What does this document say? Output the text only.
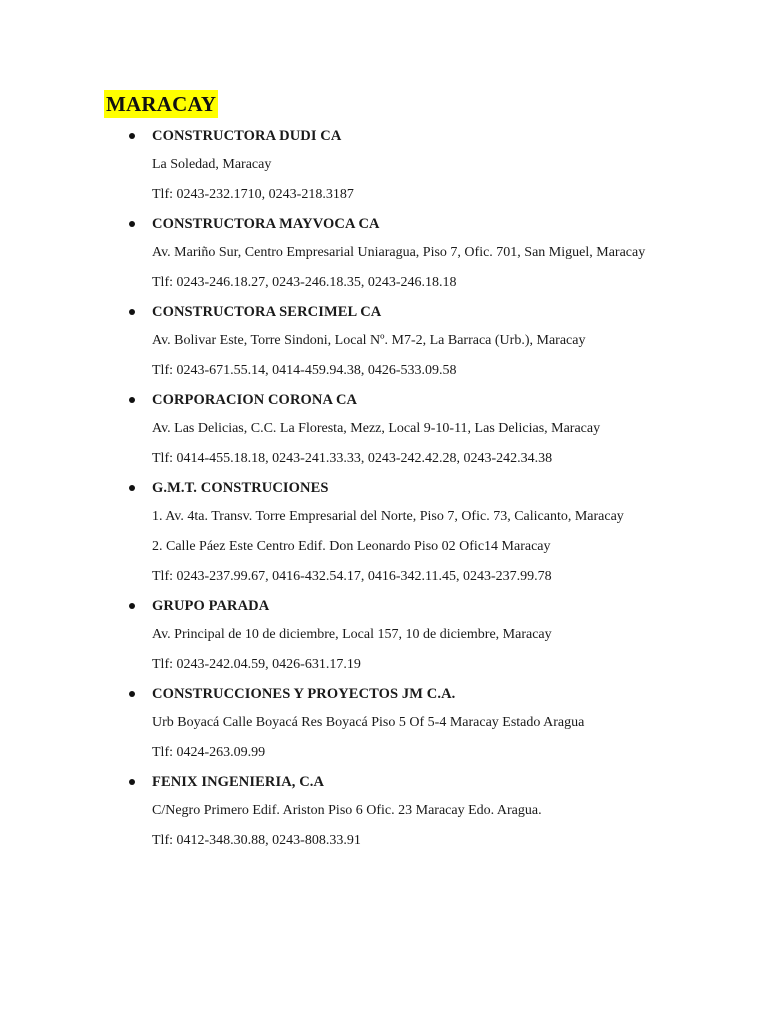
MARACAY
CONSTRUCTORA DUDI CA
La Soledad, Maracay
Tlf: 0243-232.1710, 0243-218.3187
CONSTRUCTORA MAYVOCA CA
Av. Mariño Sur, Centro Empresarial Uniaragua, Piso 7, Ofic. 701, San Miguel, Maracay
Tlf: 0243-246.18.27, 0243-246.18.35, 0243-246.18.18
CONSTRUCTORA SERCIMEL CA
Av. Bolivar Este, Torre Sindoni, Local Nº. M7-2, La Barraca (Urb.), Maracay
Tlf: 0243-671.55.14, 0414-459.94.38, 0426-533.09.58
CORPORACION CORONA CA
Av. Las Delicias, C.C. La Floresta, Mezz, Local 9-10-11, Las Delicias, Maracay
Tlf: 0414-455.18.18, 0243-241.33.33, 0243-242.42.28, 0243-242.34.38
G.M.T. CONSTRUCIONES
1. Av. 4ta. Transv. Torre Empresarial del Norte, Piso 7, Ofic. 73, Calicanto, Maracay
2. Calle Páez Este Centro Edif. Don Leonardo Piso 02 Ofic14 Maracay
Tlf: 0243-237.99.67, 0416-432.54.17, 0416-342.11.45, 0243-237.99.78
GRUPO PARADA
Av. Principal de 10 de diciembre, Local 157, 10 de diciembre, Maracay
Tlf: 0243-242.04.59, 0426-631.17.19
CONSTRUCCIONES Y PROYECTOS JM C.A.
Urb Boyacá Calle Boyacá Res Boyacá Piso 5 Of 5-4 Maracay Estado Aragua
Tlf: 0424-263.09.99
FENIX INGENIERIA, C.A
C/Negro Primero Edif. Ariston Piso 6 Ofic. 23 Maracay Edo. Aragua.
Tlf: 0412-348.30.88, 0243-808.33.91
